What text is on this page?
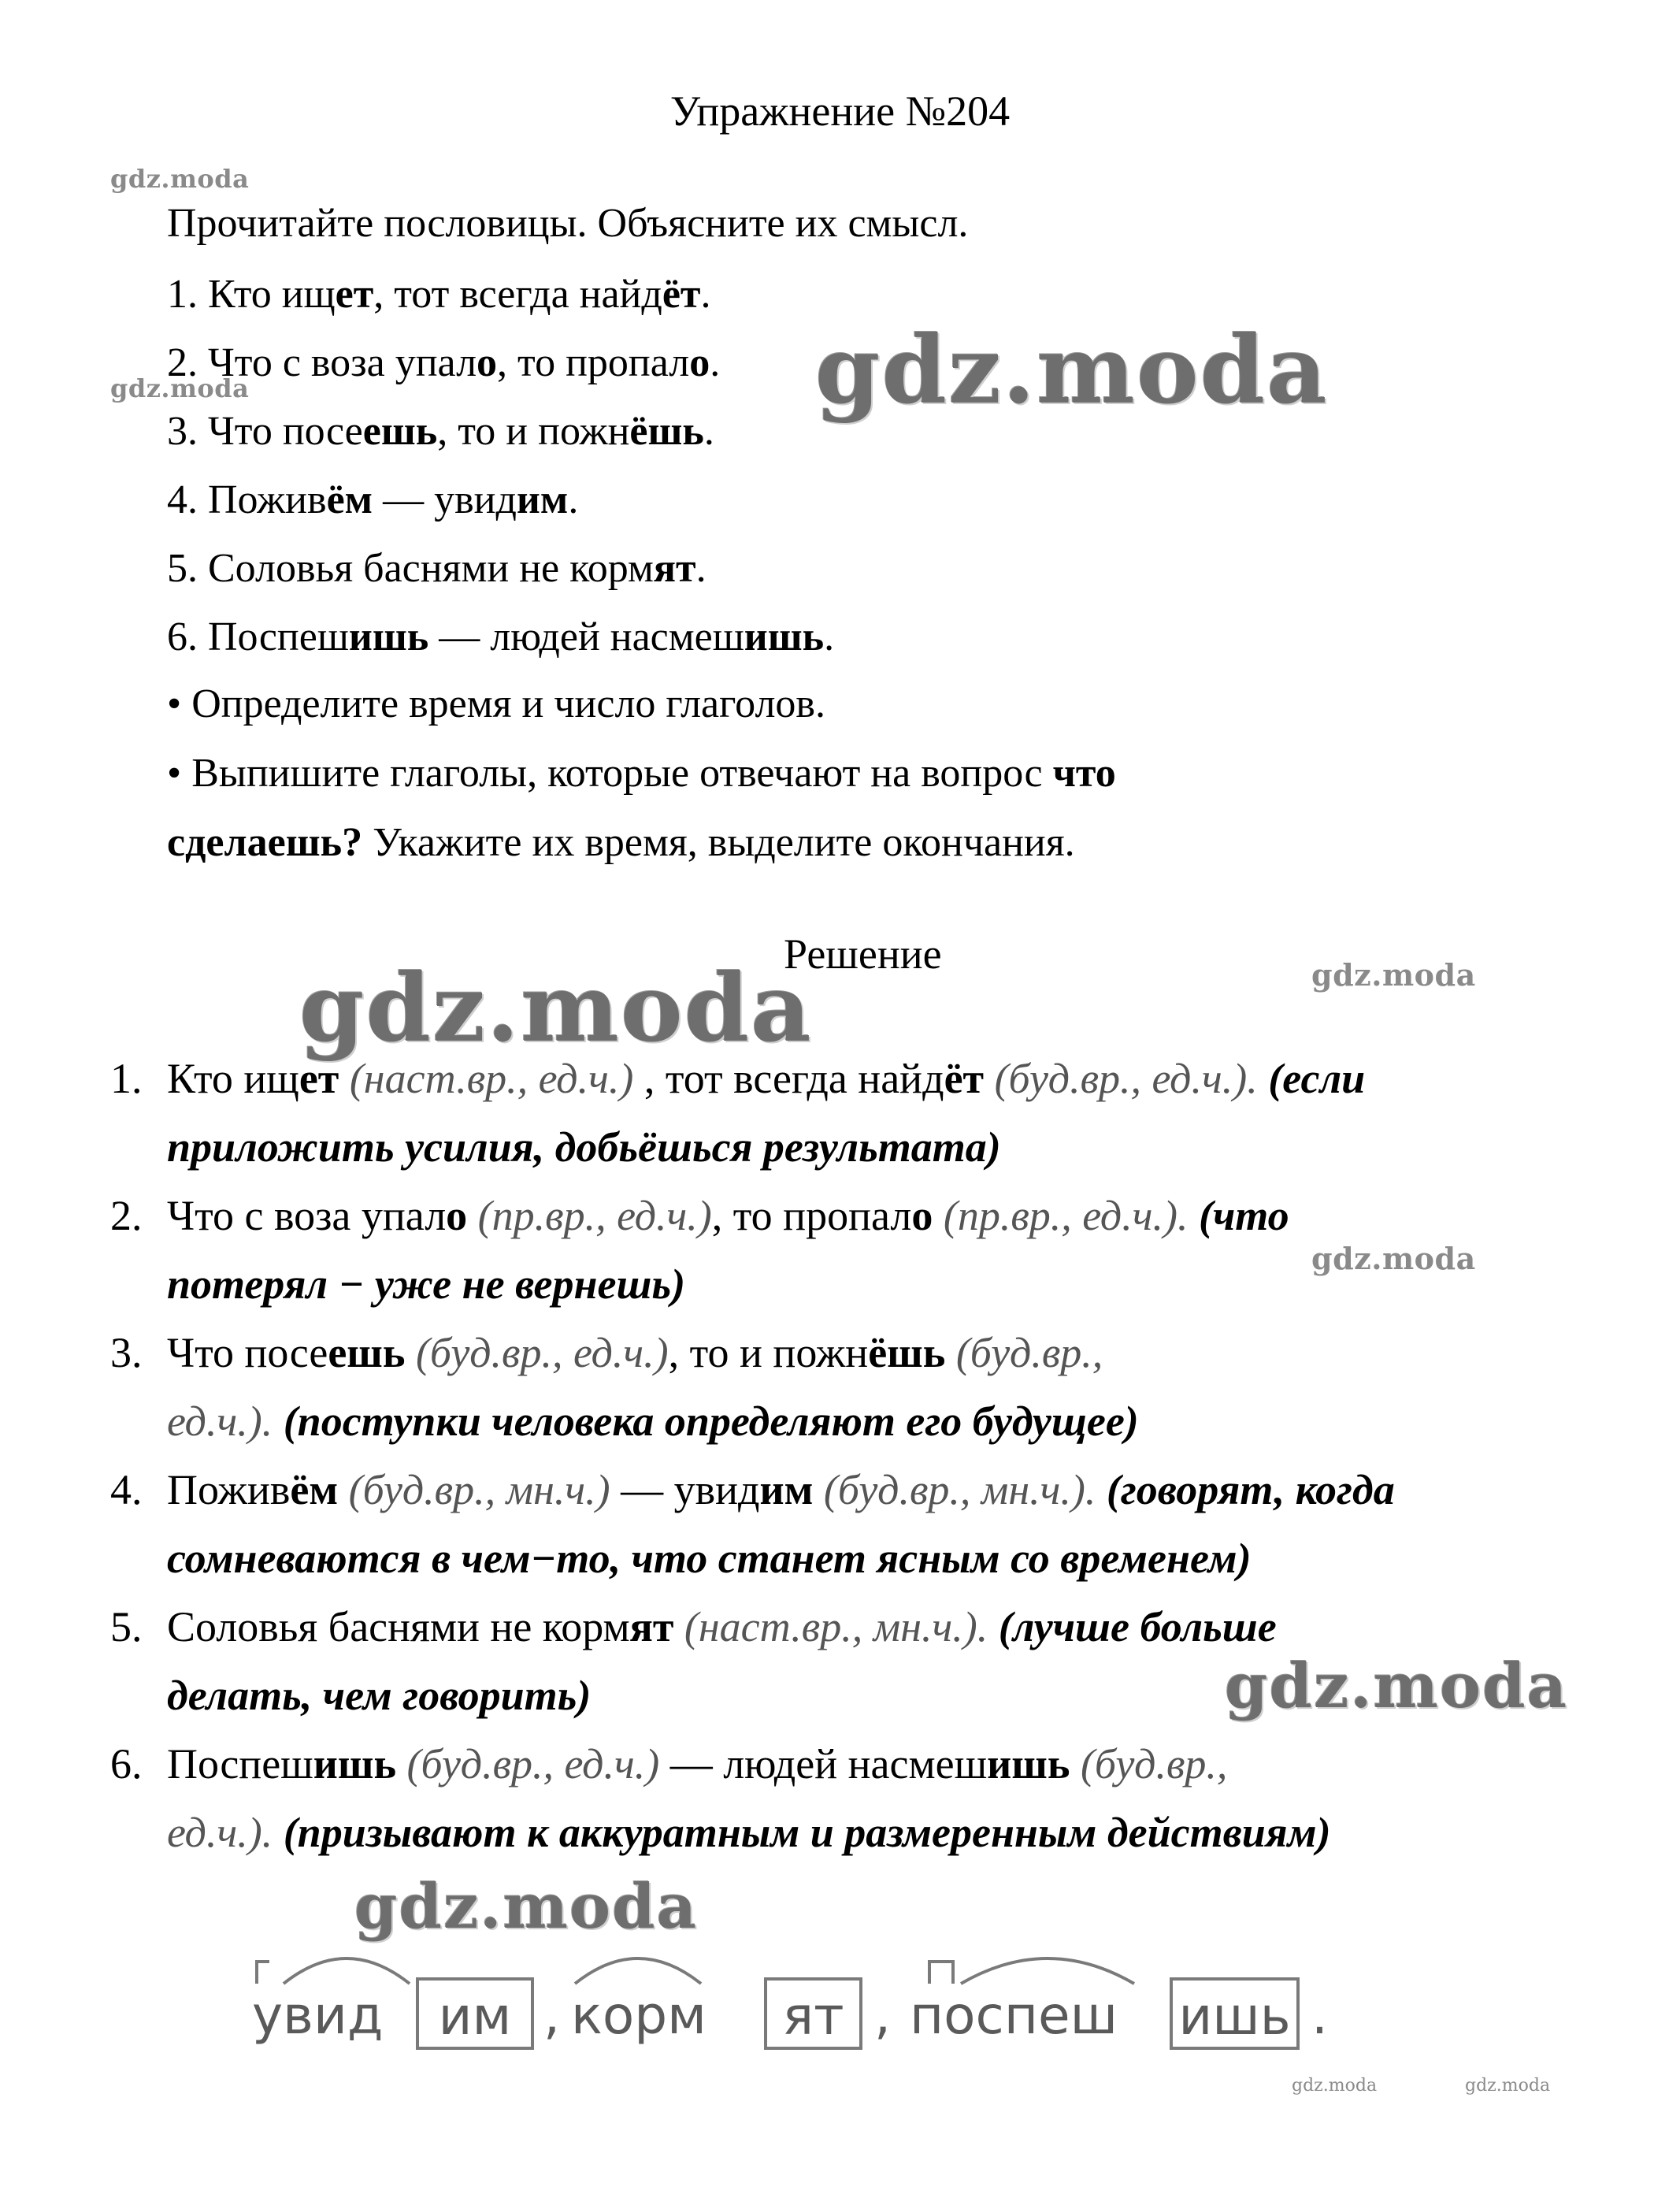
Упражнение №204
Прочитайте пословицы. Объясните их смысл.
1. Кто ищет, тот всегда найдёт.
2. Что с воза упало, то пропало.
3. Что посеешь, то и пожнёшь.
4. Поживём — увидим.
5. Соловья баснями не кормят.
6. Поспешишь — людей насмешишь.
• Определите время и число глаголов.
• Выпишите глаголы, которые отвечают на вопрос что
сделаешь? Укажите их время, выделите окончания.
Решение
1. Кто ищет (наст.вр., ед.ч.) , тот всегда найдёт (буд.вр., ед.ч.). (если
приложить усилия, добьёшься результата)
2. Что с воза упало (пр.вр., ед.ч.), то пропало (пр.вр., ед.ч.). (что
потерял − уже не вернешь)
3. Что посеешь (буд.вр., ед.ч.), то и пожнёшь (буд.вр.,
ед.ч.). (поступки человека определяют его будущее)
4. Поживём (буд.вр., мн.ч.) — увидим (буд.вр., мн.ч.). (говорят, когда
сомневаются в чем−то, что станет ясным со временем)
5. Соловья баснями не кормят (наст.вр., мн.ч.). (лучше больше
делать, чем говорить)
6. Поспешишь (буд.вр., ед.ч.) — людей насмешишь (буд.вр.,
ед.ч.). (призывают к аккуратным и размеренным действиям)
увид	им , корм	ят , поспеш ишь .
gdz.moda
gdz.moda	gdz.moda
gdz.moda	gdz.moda
gdz.moda
gdz.moda
gdz.moda
gdz.moda	gdz.moda
